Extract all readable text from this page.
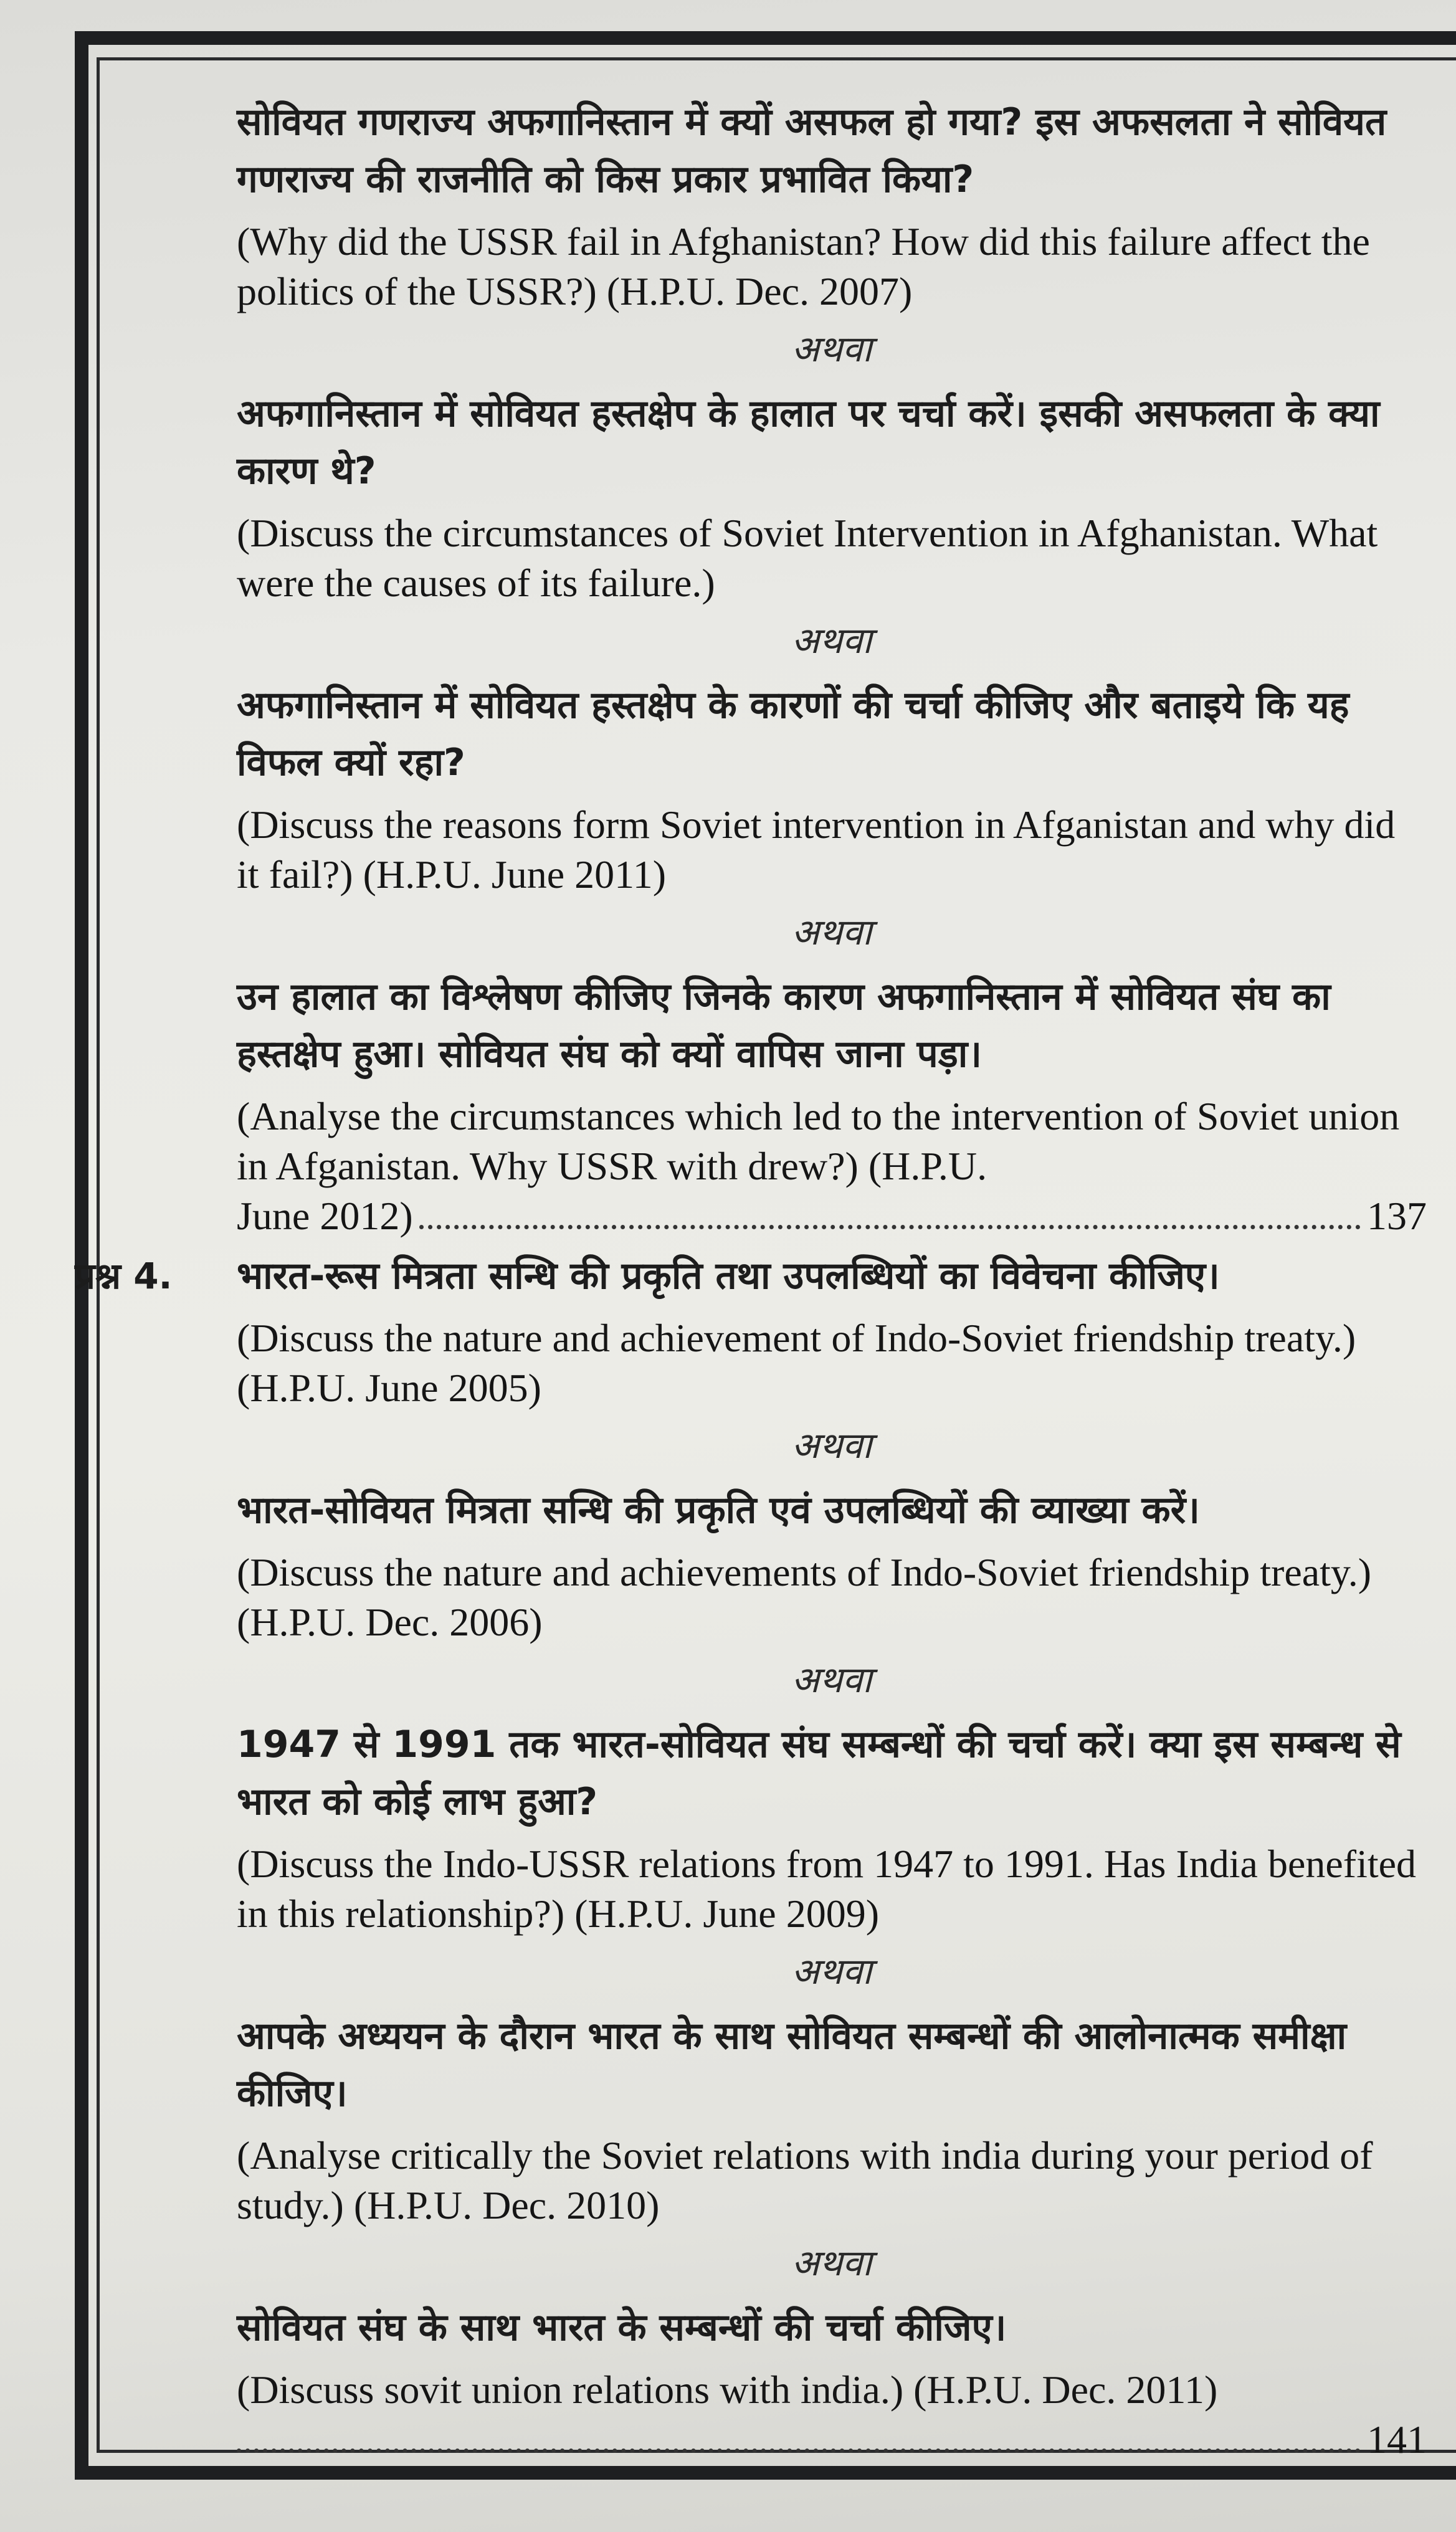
सोवियत गणराज्य अफगानिस्तान में क्यों असफल हो गया? इस अफसलता ने सोवियत गणराज्य की राजनीति को किस प्रकार प्रभावित किया?

(Why did the USSR fail in Afghanistan? How did this failure affect the politics of the USSR?) (H.P.U. Dec. 2007)

अथवा

अफगानिस्तान में सोवियत हस्तक्षेप के हालात पर चर्चा करें। इसकी असफलता के क्या कारण थे?

(Discuss the circumstances of Soviet Intervention in Afghanistan. What were the causes of its failure.)

अथवा

अफगानिस्तान में सोवियत हस्तक्षेप के कारणों की चर्चा कीजिए और बताइये कि यह विफल क्यों रहा?

(Discuss the reasons form Soviet intervention in Afganistan and why did it fail?) (H.P.U. June 2011)

अथवा

उन हालात का विश्लेषण कीजिए जिनके कारण अफगानिस्तान में सोवियत संघ का हस्तक्षेप हुआ। सोवियत संघ को क्यों वापिस जाना पड़ा।

(Analyse the circumstances which led to the intervention of Soviet union in Afganistan. Why USSR with drew?) (H.P.U.

June 2012)	137
प्रश्न 4. भारत-रूस मित्रता सन्धि की प्रकृति तथा उपलब्धियों का विवेचना कीजिए।

(Discuss the nature and achievement of Indo-Soviet friendship treaty.) (H.P.U. June 2005)

अथवा

भारत-सोवियत मित्रता सन्धि की प्रकृति एवं उपलब्धियों की व्याख्या करें।

(Discuss the nature and achievements of Indo-Soviet friendship treaty.) (H.P.U. Dec. 2006)

अथवा

1947 से 1991 तक भारत-सोवियत संघ सम्बन्धों की चर्चा करें। क्या इस सम्बन्ध से भारत को कोई लाभ हुआ?

(Discuss the Indo-USSR relations from 1947 to 1991. Has India benefited in this relationship?) (H.P.U. June 2009)

अथवा

आपके अध्ययन के दौरान भारत के साथ सोवियत सम्बन्धों की आलोनात्मक समीक्षा कीजिए।

(Analyse critically the Soviet relations with india during your period of study.) (H.P.U. Dec. 2010)

अथवा

सोवियत संघ के साथ भारत के सम्बन्धों की चर्चा कीजिए।

(Discuss sovit union relations with india.) (H.P.U. Dec. 2011)

141
